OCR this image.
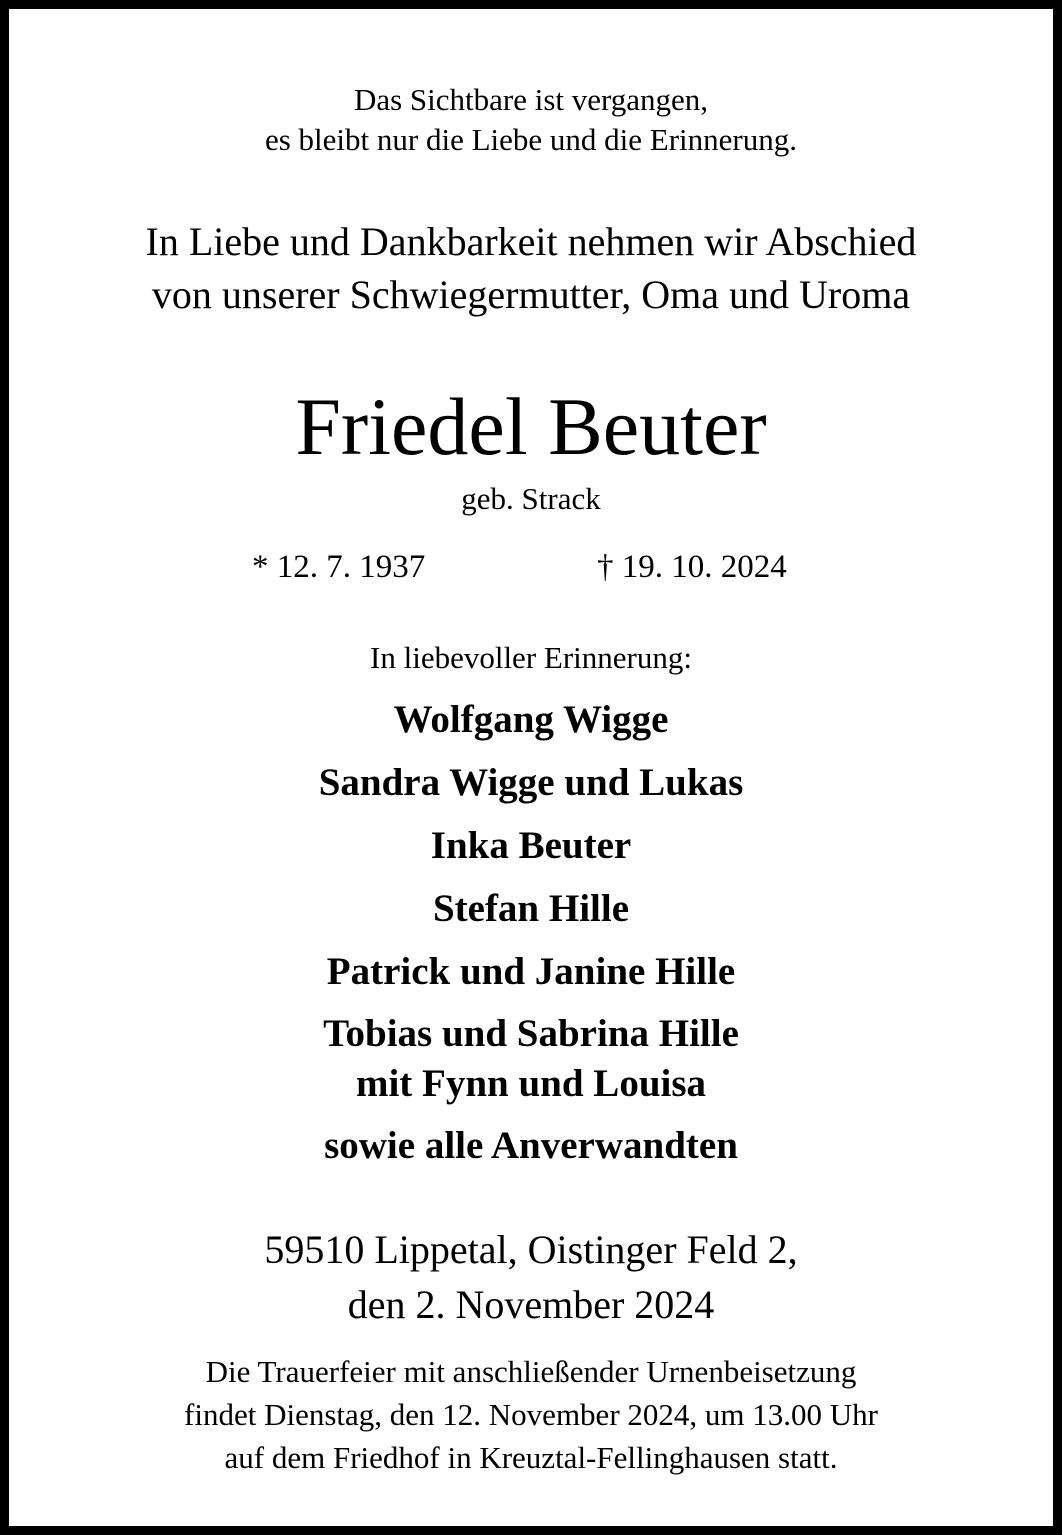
Das Sichtbare ist vergangen,
es bleibt nur die Liebe und die Erinnerung.
In Liebe und Dankbarkeit nehmen wir Abschied
von unserer Schwiegermutter, Oma und Uroma
Friedel Beuter
geb. Strack
* 12. 7. 1937	† 19. 10. 2024
In liebevoller Erinnerung:
Wolfgang Wigge
Sandra Wigge und Lukas
Inka Beuter
Stefan Hille
Patrick und Janine Hille
Tobias und Sabrina Hille
mit Fynn und Louisa
sowie alle Anverwandten
59510 Lippetal, Oistinger Feld 2,
den 2. November 2024
Die Trauerfeier mit anschließender Urnenbeisetzung
findet Dienstag, den 12. November 2024, um 13.00 Uhr
auf dem Friedhof in Kreuztal-Fellinghausen statt.
